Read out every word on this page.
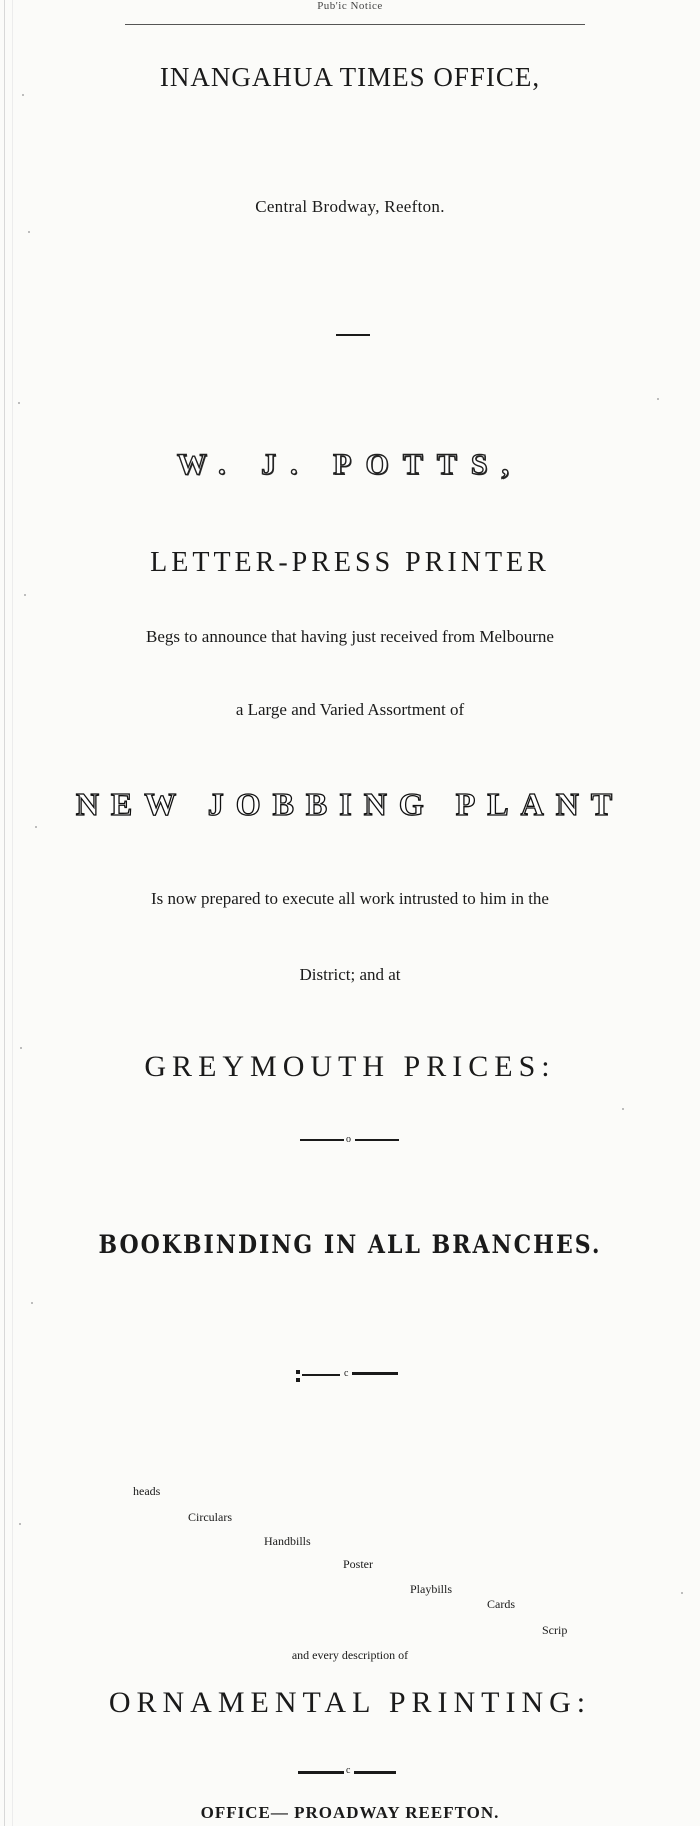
Pub'ic Notice
INANGAHUA TIMES OFFICE,
Central Brodway, Reefton.
W. J. POTTS,
LETTER-PRESS PRINTER
Begs to announce that having just received from Melbourne
a Large and Varied Assortment of
NEW JOBBING PLANT
Is now prepared to execute all work intrusted to him in the
District; and at
GREYMOUTH PRICES:
o
BOOKBINDING IN ALL BRANCHES.
c
heads
Circulars
Handbills
Poster
Playbills
Cards
Scrip
and every description of
ORNAMENTAL PRINTING:
c
OFFICE— PROADWAY REEFTON.
